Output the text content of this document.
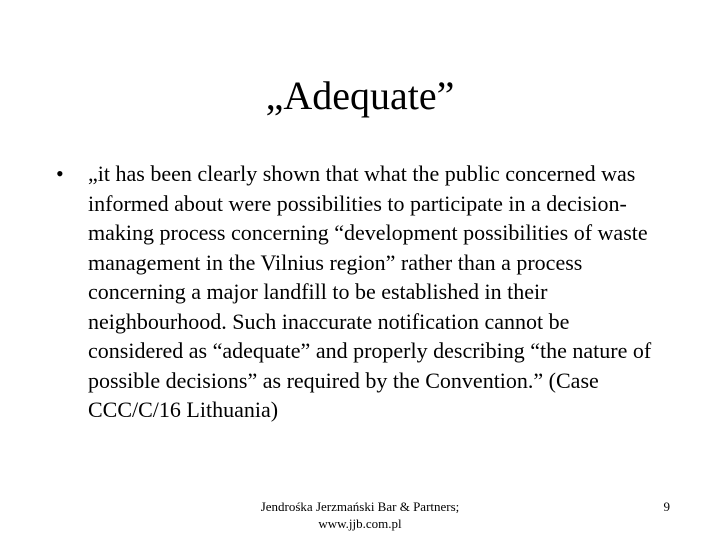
„Adequate”
• „it has been clearly shown that what the public concerned was informed about were possibilities to participate in a decision-making process concerning “development possibilities of waste management in the Vilnius region” rather than a process concerning a major landfill to be established in their neighbourhood. Such inaccurate notification cannot be considered as “adequate” and properly describing “the nature of possible decisions” as required by the Convention.” (Case CCC/C/16 Lithuania)

Jendrośka Jerzmański Bar & Partners;
www.jjb.com.pl
9
